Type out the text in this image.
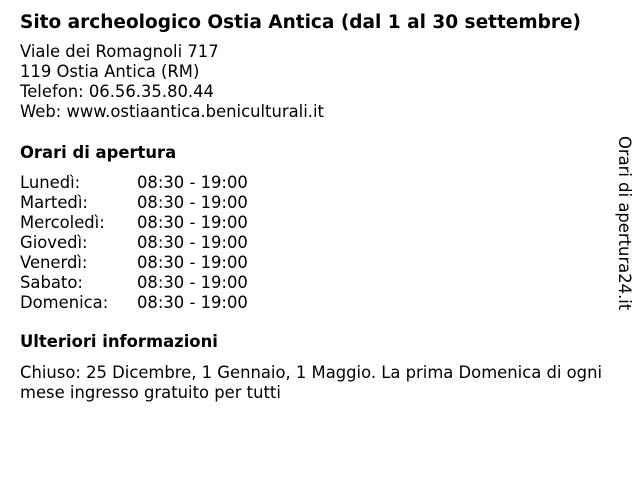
Sito archeologico Ostia Antica (dal 1 al 30 settembre)
Viale dei Romagnoli 717
119 Ostia Antica (RM)
Telefon: 06.56.35.80.44
Web: www.ostiaantica.beniculturali.it
Orari di apertura
Lunedì:	08:30 - 19:00
Martedì:	08:30 - 19:00
Mercoledì: 08:30 - 19:00
Giovedì:	08:30 - 19:00
Venerdì:	08:30 - 19:00
Sabato:	08:30 - 19:00
Domenica: 08:30 - 19:00
Ulteriori informazioni
Chiuso: 25 Dicembre, 1 Gennaio, 1 Maggio. La prima Domenica di ogni mese ingresso gratuito per tutti
Orari di apertura24.it
